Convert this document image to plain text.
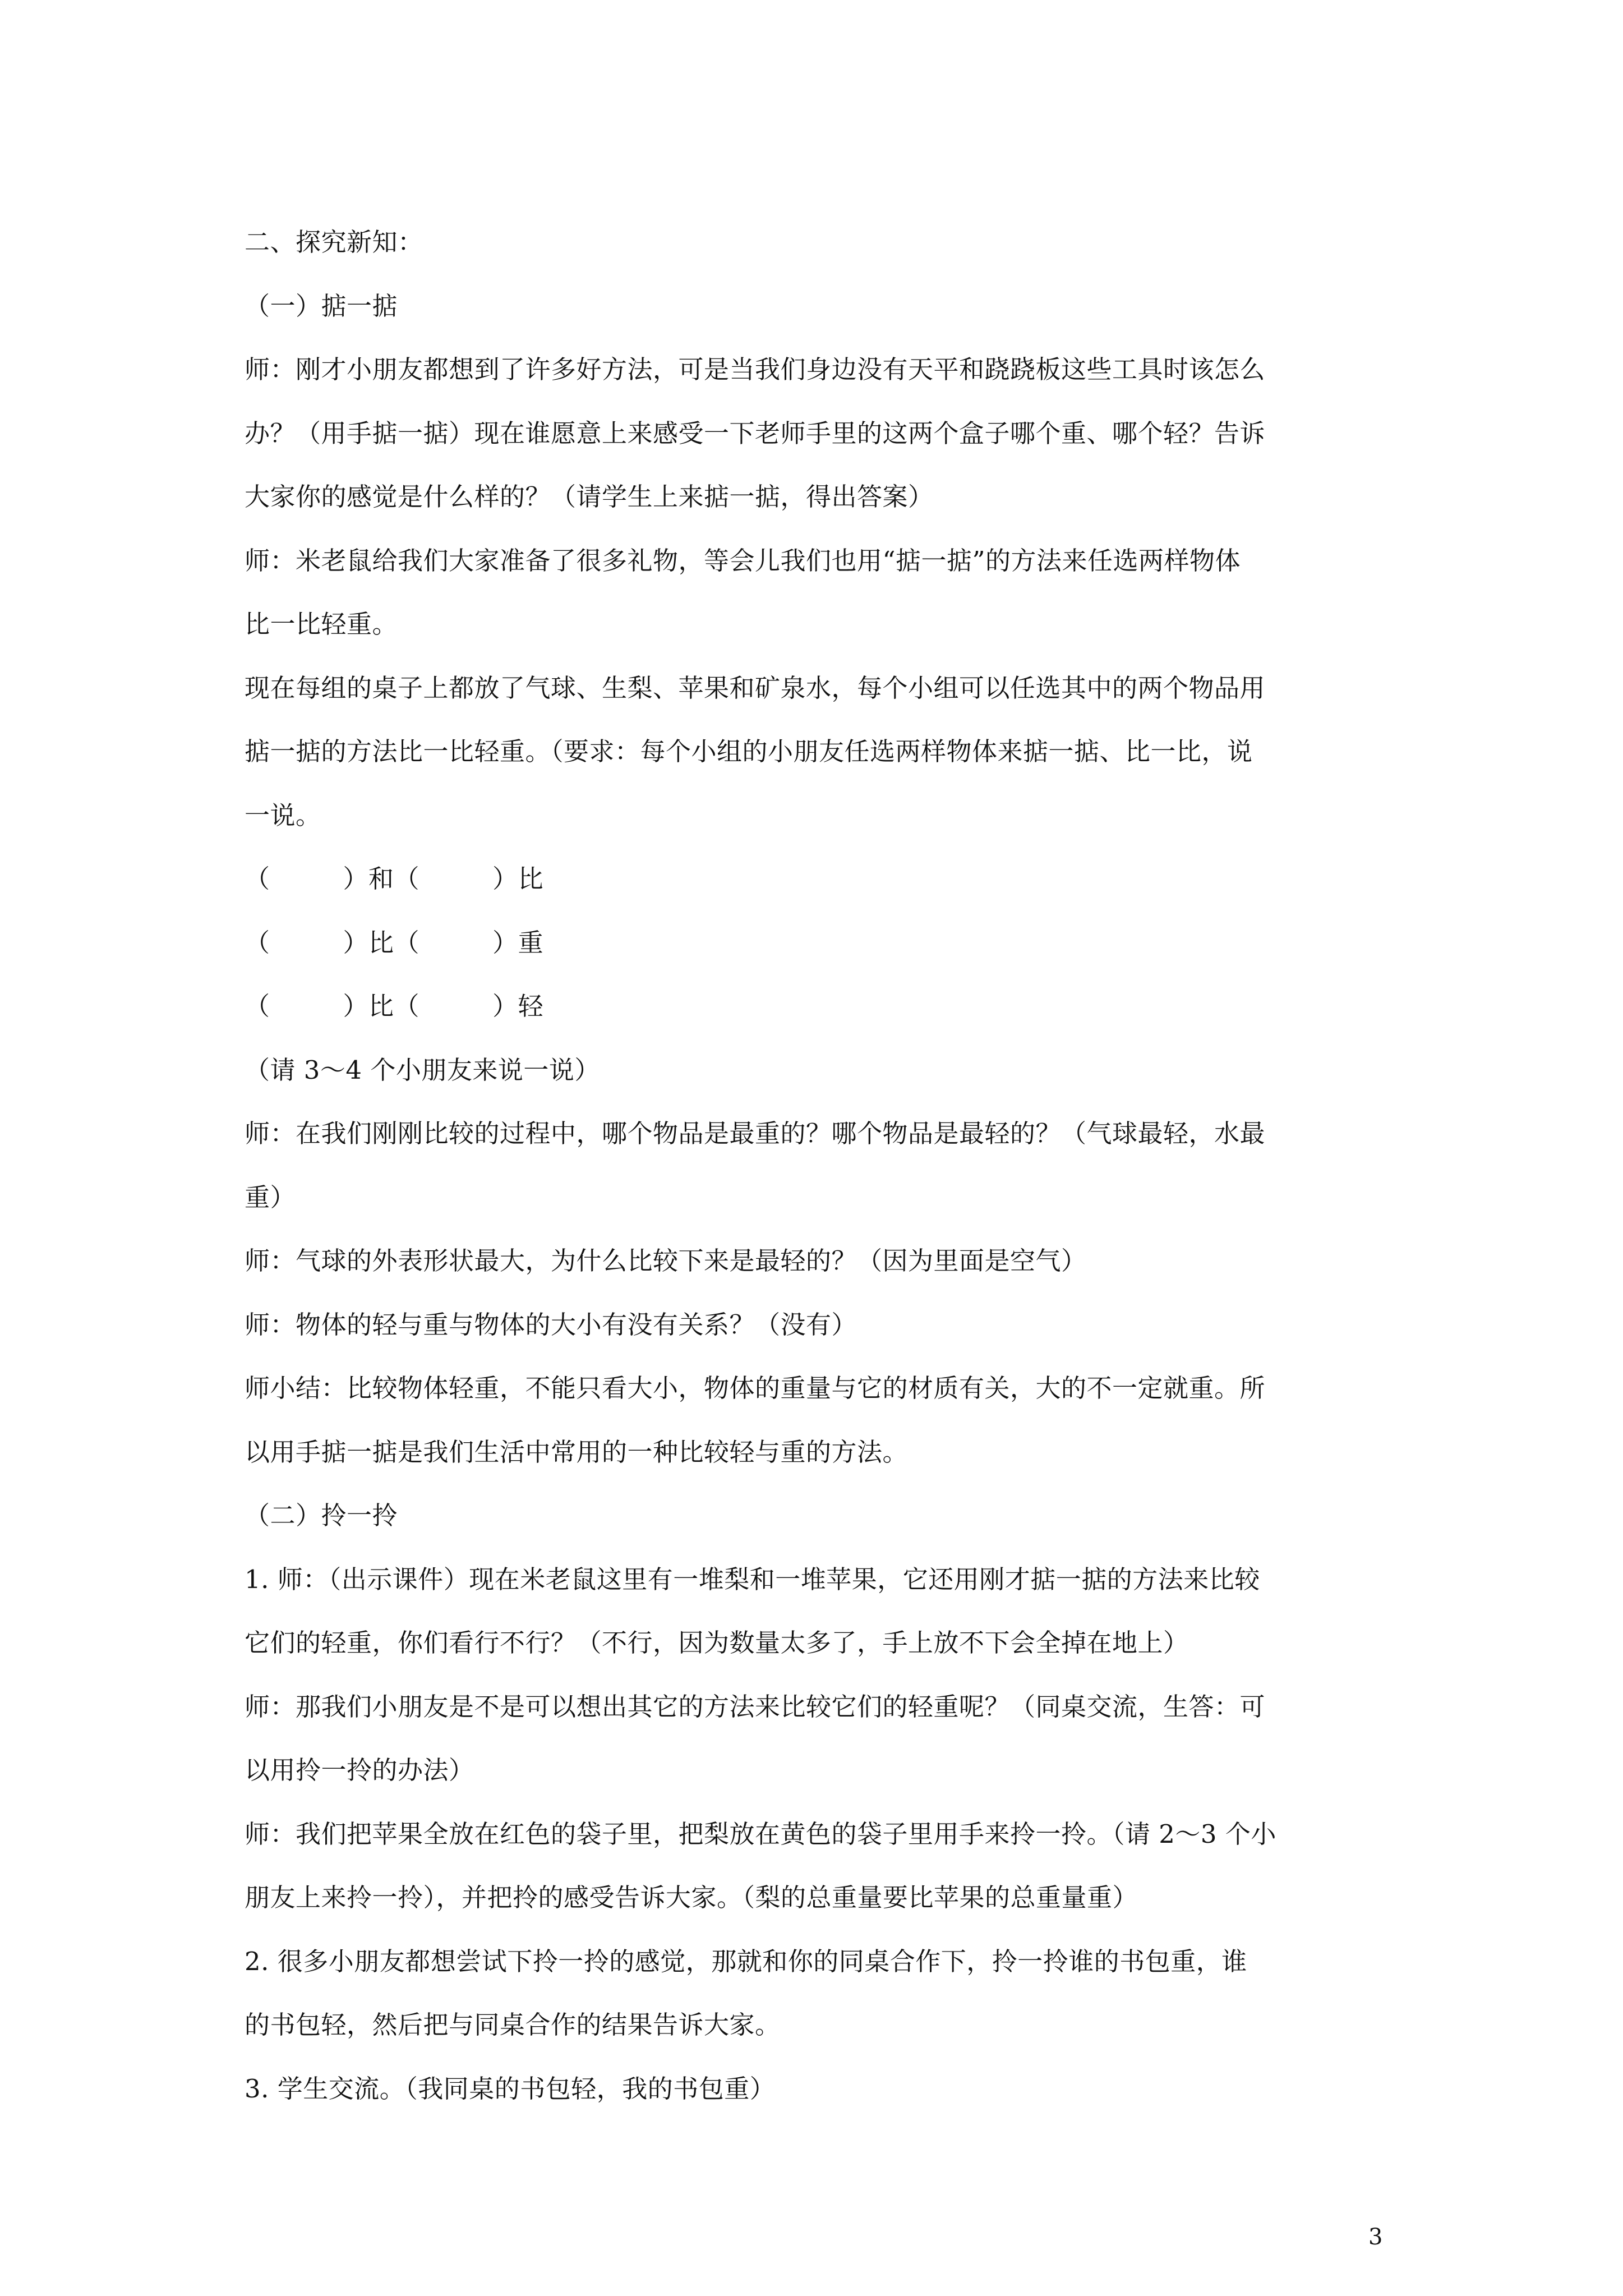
二、探究新知：
（一）掂一掂
师：刚才小朋友都想到了许多好方法，可是当我们身边没有天平和跷跷板这些工具时该怎么
办？（用手掂一掂）现在谁愿意上来感受一下老师手里的这两个盒子哪个重、哪个轻？告诉
大家你的感觉是什么样的？（请学生上来掂一掂，得出答案）
师：米老鼠给我们大家准备了很多礼物，等会儿我们也用“掂一掂”的方法来任选两样物体
比一比轻重。
现在每组的桌子上都放了气球、生梨、苹果和矿泉水，每个小组可以任选其中的两个物品用
掂一掂的方法比一比轻重。（要求：每个小组的小朋友任选两样物体来掂一掂、比一比，说
一说。
（	）和（	）比
（	）比（	）重
（	）比（	）轻
（请 3～4 个小朋友来说一说）
师：在我们刚刚比较的过程中，哪个物品是最重的？哪个物品是最轻的？（气球最轻，水最
重）
师：气球的外表形状最大，为什么比较下来是最轻的？（因为里面是空气）
师：物体的轻与重与物体的大小有没有关系？（没有）
师小结：比较物体轻重，不能只看大小，物体的重量与它的材质有关，大的不一定就重。所
以用手掂一掂是我们生活中常用的一种比较轻与重的方法。
（二）拎一拎
1. 师：（出示课件）现在米老鼠这里有一堆梨和一堆苹果，它还用刚才掂一掂的方法来比较
它们的轻重，你们看行不行？（不行，因为数量太多了，手上放不下会全掉在地上）
师：那我们小朋友是不是可以想出其它的方法来比较它们的轻重呢？（同桌交流，生答：可
以用拎一拎的办法）
师：我们把苹果全放在红色的袋子里，把梨放在黄色的袋子里用手来拎一拎。（请 2～3 个小
朋友上来拎一拎），并把拎的感受告诉大家。（梨的总重量要比苹果的总重量重）
2. 很多小朋友都想尝试下拎一拎的感觉，那就和你的同桌合作下，拎一拎谁的书包重，谁
的书包轻，然后把与同桌合作的结果告诉大家。
3. 学生交流。（我同桌的书包轻，我的书包重）
3
